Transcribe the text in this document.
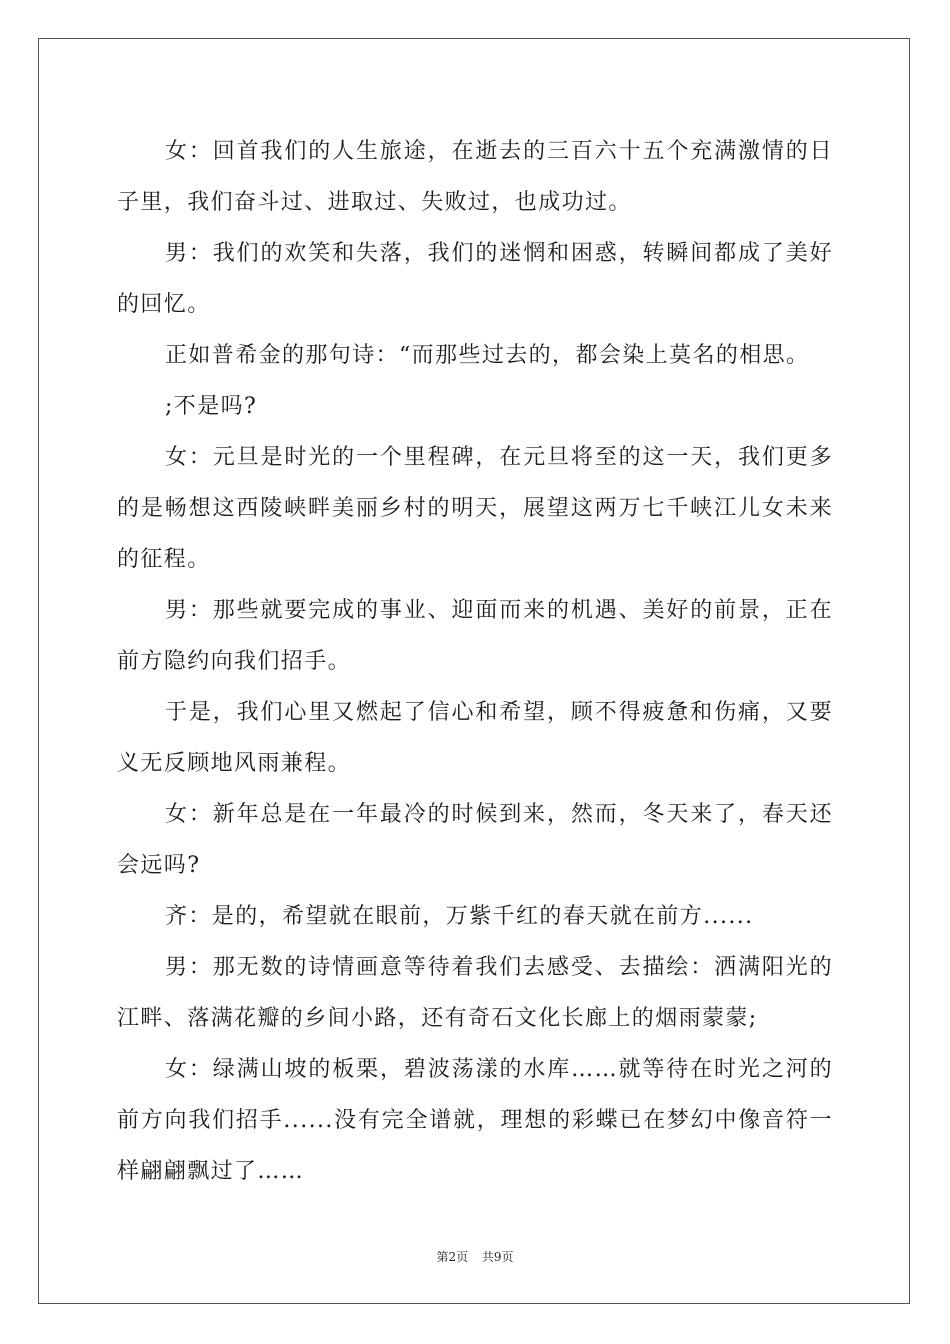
女：回首我们的人生旅途，在逝去的三百六十五个充满激情的日子里，我们奋斗过、进取过、失败过，也成功过。

男：我们的欢笑和失落，我们的迷惘和困惑，转瞬间都成了美好的回忆。

正如普希金的那句诗：“而那些过去的，都会染上莫名的相思。

;不是吗?

女：元旦是时光的一个里程碑，在元旦将至的这一天，我们更多的是畅想这西陵峡畔美丽乡村的明天，展望这两万七千峡江儿女未来的征程。

男：那些就要完成的事业、迎面而来的机遇、美好的前景，正在前方隐约向我们招手。

于是，我们心里又燃起了信心和希望，顾不得疲惫和伤痛，又要义无反顾地风雨兼程。

女：新年总是在一年最冷的时候到来，然而，冬天来了，春天还会远吗?

齐：是的，希望就在眼前，万紫千红的春天就在前方......

男：那无数的诗情画意等待着我们去感受、去描绘：洒满阳光的江畔、落满花瓣的乡间小路，还有奇石文化长廊上的烟雨蒙蒙;

女：绿满山坡的板栗，碧波荡漾的水库……就等待在时光之河的前方向我们招手......没有完全谱就，理想的彩蝶已在梦幻中像音符一样翩翩飘过了……

第2页 共9页
